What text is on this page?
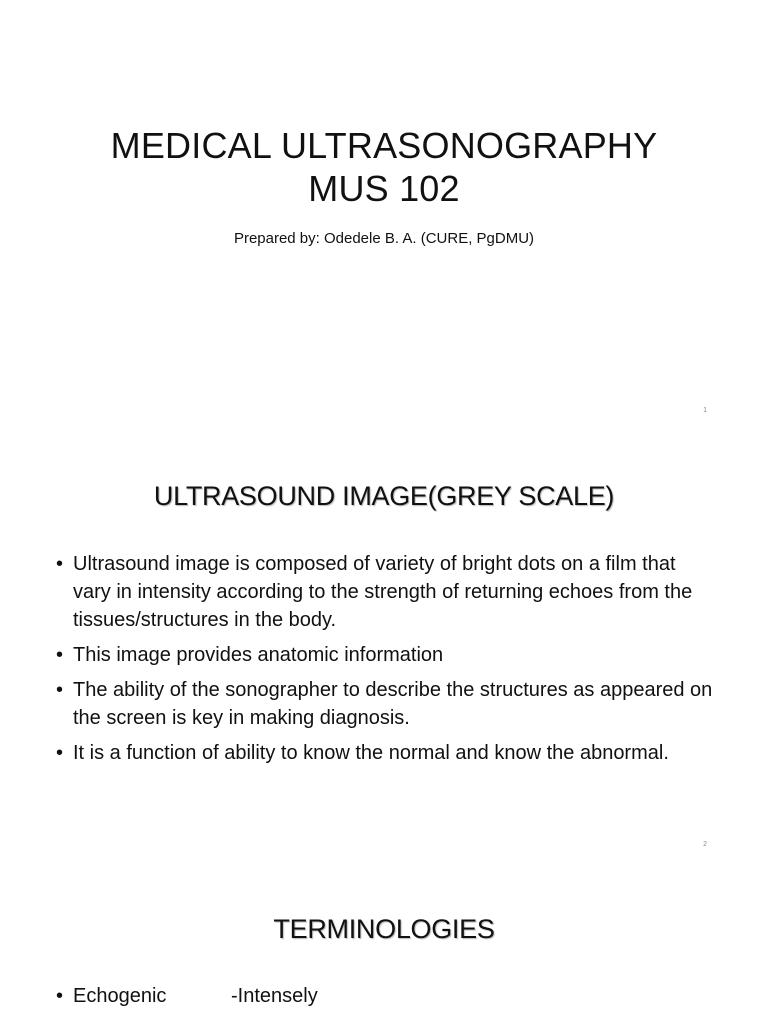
MEDICAL ULTRASONOGRAPHY
MUS 102
Prepared by: Odedele B. A. (CURE, PgDMU)
1
ULTRASOUND IMAGE(GREY SCALE)
• Ultrasound image is composed of variety of bright dots on a film that vary in intensity according to the strength of returning echoes from the tissues/structures in the body.
• This image provides anatomic information
• The ability of the sonographer to describe the structures as appeared on the screen is key in making diagnosis.
• It is a function of ability to know the normal and know the abnormal.
2
TERMINOLOGIES
• Echogenic	-Intensely
